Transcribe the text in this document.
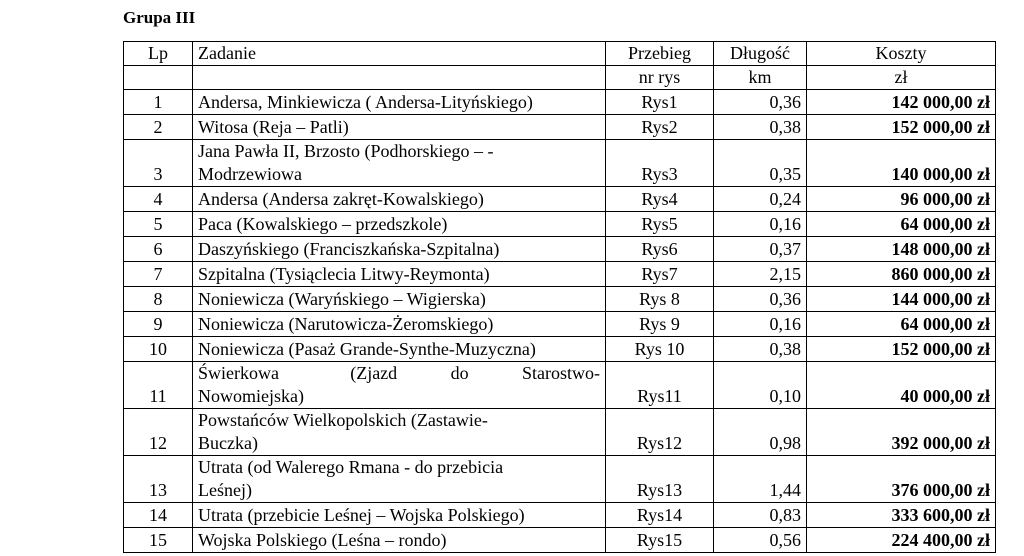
Grupa III
Lp	Zadanie	Przebieg	Długość	Koszty
		nr rys	km	zł
1	Andersa, Minkiewicza ( Andersa-Lityńskiego)	Rys1	0,36	142 000,00 zł
2	Witosa (Reja – Patli)	Rys2	0,38	152 000,00 zł
3	Jana Pawła II, Brzosto (Podhorskiego – -
Modrzewiowa	Rys3	0,35	140 000,00 zł
4	Andersa (Andersa zakręt-Kowalskiego)	Rys4	0,24	96 000,00 zł
5	Paca (Kowalskiego – przedszkole)	Rys5	0,16	64 000,00 zł
6	Daszyńskiego (Franciszkańska-Szpitalna)	Rys6	0,37	148 000,00 zł
7	Szpitalna (Tysiąclecia Litwy-Reymonta)	Rys7	2,15	860 000,00 zł
8	Noniewicza (Waryńskiego – Wigierska)	Rys 8	0,36	144 000,00 zł
9	Noniewicza (Narutowicza-Żeromskiego)	Rys 9	0,16	64 000,00 zł
10	Noniewicza (Pasaż Grande-Synthe-Muzyczna)	Rys 10	0,38	152 000,00 zł
11	Świerkowa        (Zjazd      do      Starostwo-
Nowomiejska)	Rys11	0,10	40 000,00 zł
12	Powstańców Wielkopolskich (Zastawie-
Buczka)	Rys12	0,98	392 000,00 zł
13	Utrata (od Walerego Rmana - do przebicia
Leśnej)	Rys13	1,44	376 000,00 zł
14	Utrata (przebicie Leśnej – Wojska Polskiego)	Rys14	0,83	333 600,00 zł
15	Wojska Polskiego (Leśna – rondo)	Rys15	0,56	224 400,00 zł
